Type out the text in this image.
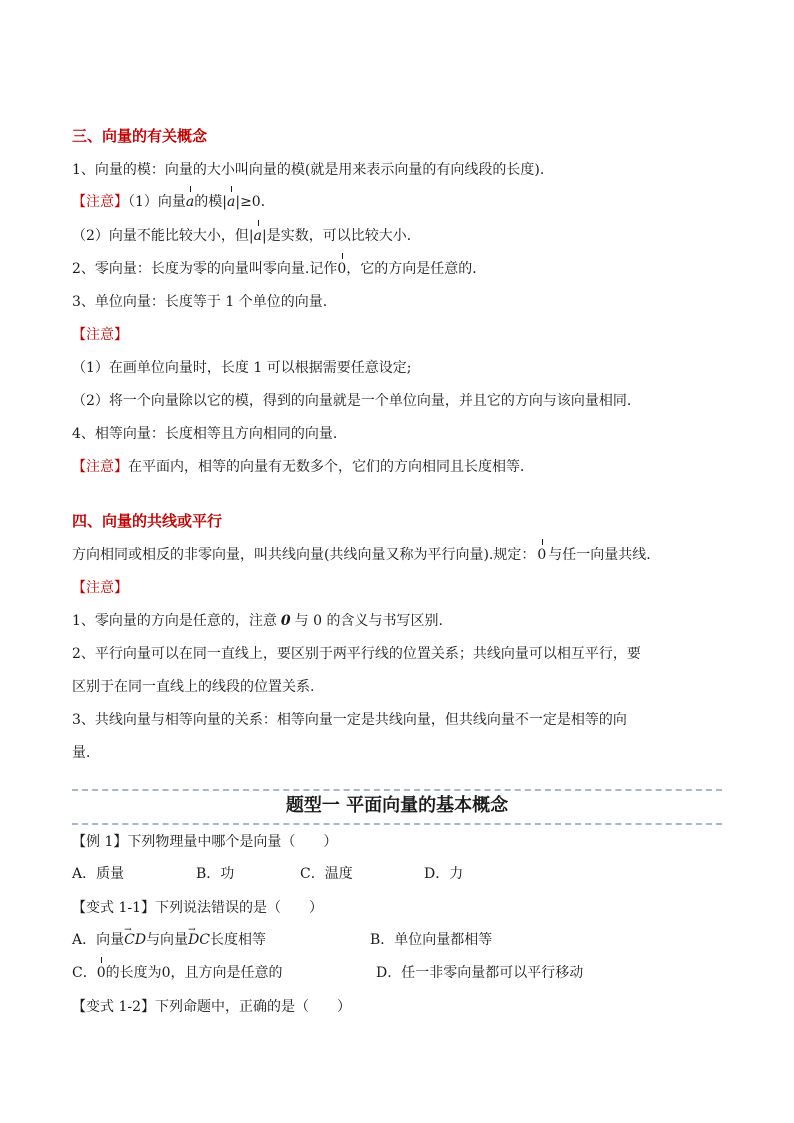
三、向量的有关概念
1、向量的模：向量的大小叫向量的模(就是用来表示向量的有向线段的长度).
【注意】（1）向量a的模|a|≥0．
（2）向量不能比较大小，但|a|是实数，可以比较大小．
2、零向量：长度为零的向量叫零向量.记作0，它的方向是任意的．
3、单位向量：长度等于 1 个单位的向量.
【注意】
（1）在画单位向量时，长度 1 可以根据需要任意设定;
（2）将一个向量除以它的模，得到的向量就是一个单位向量，并且它的方向与该向量相同．
4、相等向量：长度相等且方向相同的向量.
【注意】在平面内，相等的向量有无数多个，它们的方向相同且长度相等．
四、向量的共线或平行
方向相同或相反的非零向量，叫共线向量(共线向量又称为平行向量).规定： 0 与任一向量共线.
【注意】
1、零向量的方向是任意的，注意 0 与 0 的含义与书写区别.
2、平行向量可以在同一直线上，要区别于两平行线的位置关系；共线向量可以相互平行，要
区别于在同一直线上的线段的位置关系.
3、共线向量与相等向量的关系：相等向量一定是共线向量，但共线向量不一定是相等的向
量．
题型一 平面向量的基本概念
【例 1】下列物理量中哪个是向量（　　）
A．质量	B．功	C．温度	D．力
【变式 1-1】下列说法错误的是（　　）
A．向量→ CD与向量→ DC长度相等	B．单位向量都相等
C．0的长度为0，且方向是任意的	D．任一非零向量都可以平行移动
【变式 1-2】下列命题中，正确的是（　　）
